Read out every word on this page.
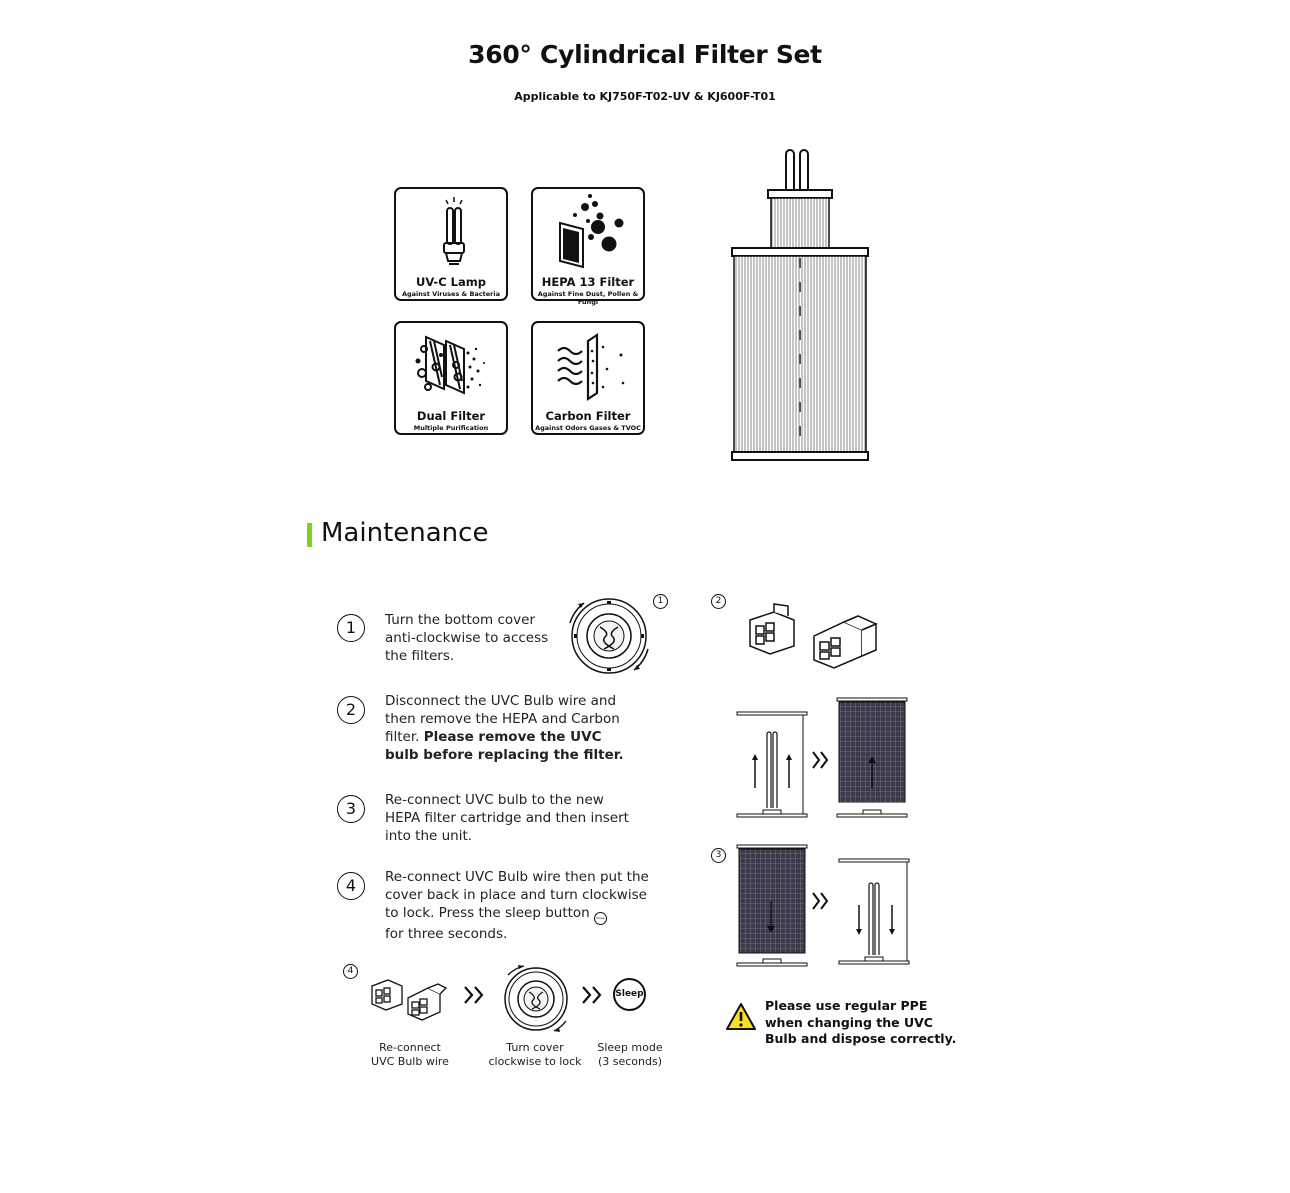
360° Cylindrical Filter Set
Applicable to KJ750F-T02-UV & KJ600F-T01
UV-C Lamp
Against Viruses & Bacteria
HEPA 13 Filter
Against Fine Dust, Pollen & Fungi
Dual Filter
Multiple Purification
Carbon Filter
Against Odors Gases & TVOC
Maintenance
1	Turn the bottom cover anti-clockwise to access the filters.
2	Disconnect the UVC Bulb wire and then remove the HEPA and Carbon filter. Please remove the UVC bulb before replacing the filter.
3	Re-connect UVC bulb to the new HEPA filter cartridge and then insert into the unit.
4	Re-connect UVC Bulb wire then put the cover back in place and turn clockwise to lock. Press the sleep button Sleep
for three seconds.
1	2
3
4
Sleep
Re-connect
UVC Bulb wire
Turn cover
clockwise to lock
Sleep mode
(3 seconds)
Please use regular PPE when changing the UVC Bulb and dispose correctly.
